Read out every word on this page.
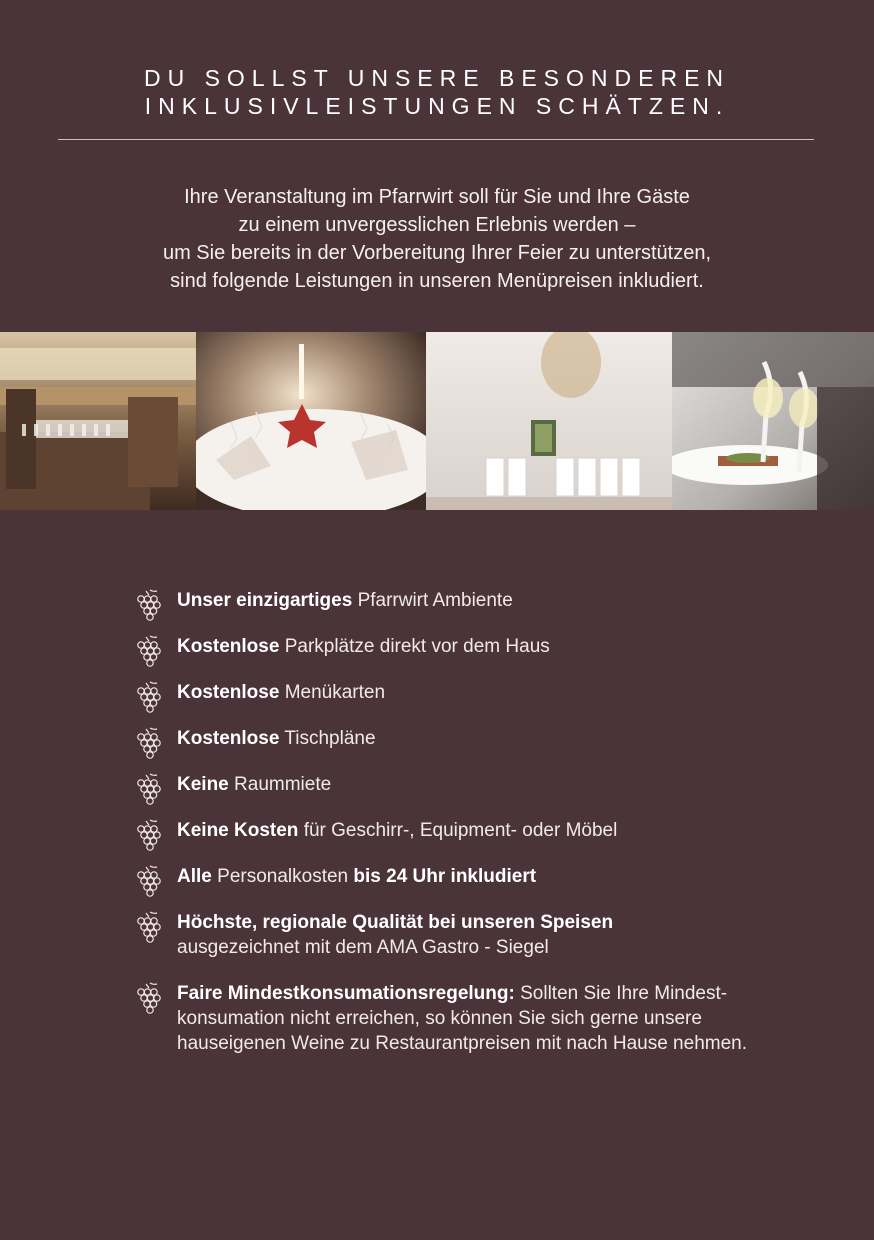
DU SOLLST UNSERE BESONDEREN
INKLUSIVLEISTUNGEN SCHÄTZEN.
Ihre Veranstaltung im Pfarrwirt soll für Sie und Ihre Gäste
zu einem unvergesslichen Erlebnis werden –
um Sie bereits in der Vorbereitung Ihrer Feier zu unterstützen,
sind folgende Leistungen in unseren Menüpreisen inkludiert.
Unser einzigartiges Pfarrwirt Ambiente
Kostenlose Parkplätze direkt vor dem Haus
Kostenlose Menükarten
Kostenlose Tischpläne
Keine Raummiete
Keine Kosten für Geschirr-, Equipment- oder Möbel
Alle Personalkosten bis 24 Uhr inkludiert
Höchste, regionale Qualität bei unseren Speisen
ausgezeichnet mit dem AMA Gastro - Siegel
Faire Mindestkonsumationsregelung: Sollten Sie Ihre Mindest-konsumation nicht erreichen, so können Sie sich gerne unsere hauseigenen Weine zu Restaurantpreisen mit nach Hause nehmen.
